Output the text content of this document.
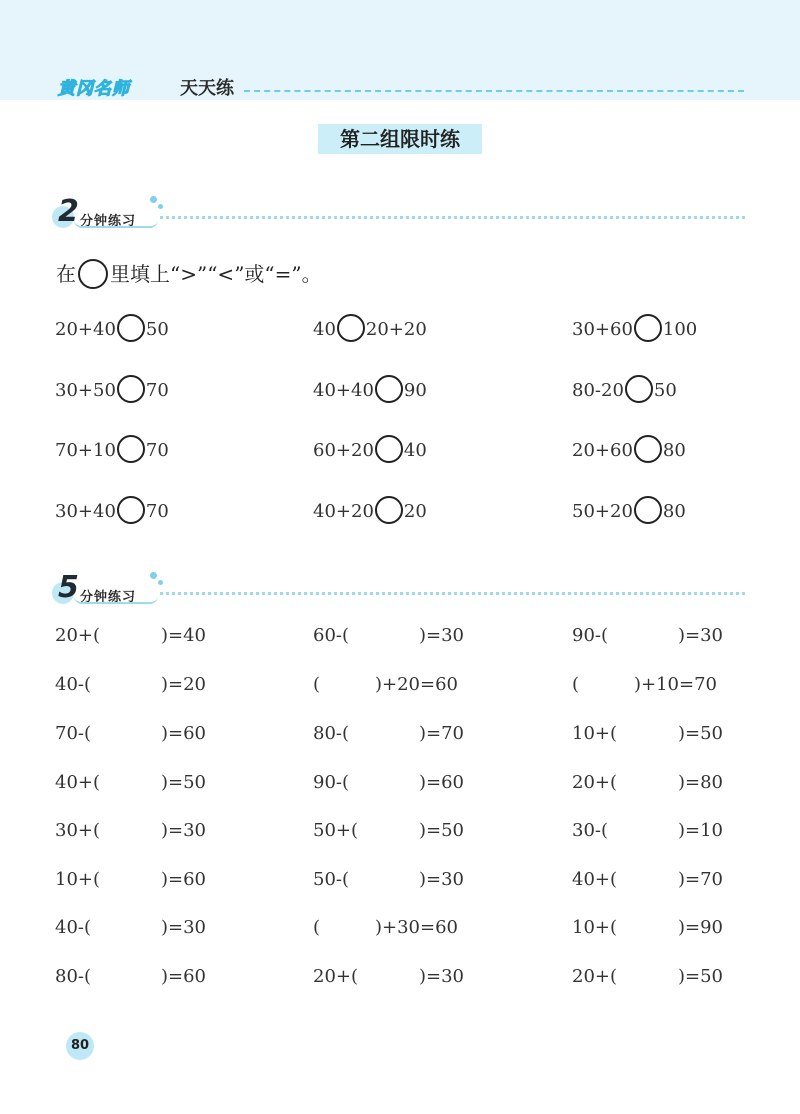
黄冈名师	天天练
第二组限时练
2 分钟练习
在 里填上“>”“<”或“=”。
20+40 50	40 20+20	30+60 100
30+50 70	40+40 90	80-20 50
70+10 70	60+20 40	20+60 80
30+40 70	40+20 20	50+20 80
5 分钟练习
20+(	)=40	60-(	)=30	90-(	)=30
40-(	)=20	(	)+20=60	(	)+10=70
70-(	)=60	80-(	)=70	10+(	)=50
40+(	)=50	90-(	)=60	20+(	)=80
30+(	)=30	50+(	)=50	30-(	)=10
10+(	)=60	50-(	)=30	40+(	)=70
40-(	)=30	(	)+30=60	10+(	)=90
80-(	)=60	20+(	)=30	20+(	)=50
80
